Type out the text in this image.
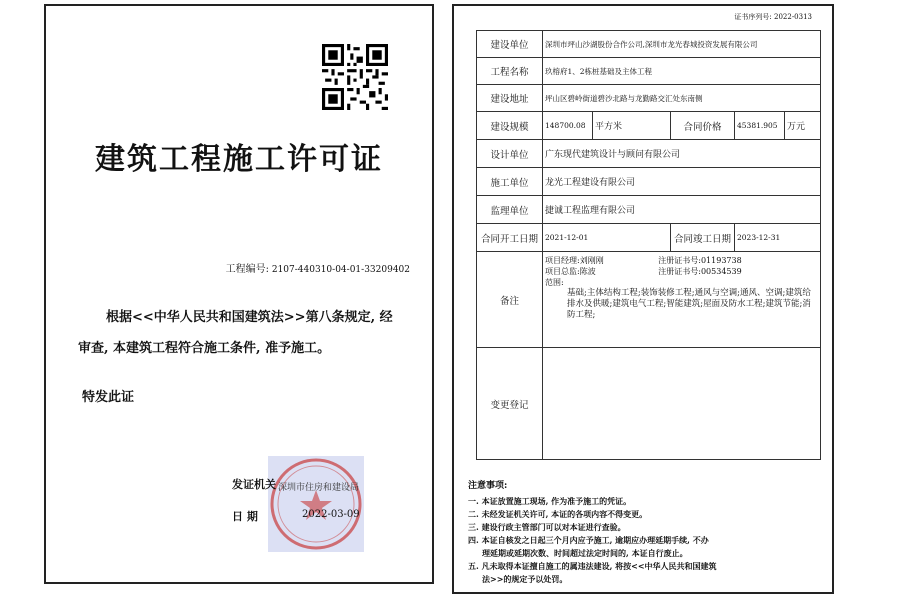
建筑工程施工许可证
工程编号: 2107-440310-04-01-33209402
根据<<中华人民共和国建筑法>>第八条规定, 经审查, 本建筑工程符合施工条件, 准予施工。
特发此证
发证机关 深圳市住房和建设局
日 期	2022-03-09
证书序列号: 2022-0313
建设单位	深圳市坪山沙湖股份合作公司,深圳市龙光春城投资发展有限公司				
工程名称	玖榕府1、2栋桩基础及主体工程				
建设地址	坪山区碧岭街道碧沙北路与龙勤路交汇处东南侧				
建设规模	148700.08	平方米	合同价格	45381.905	万元
设计单位	广东现代建筑设计与顾问有限公司				
施工单位	龙光工程建设有限公司				
监理单位	捷诚工程监理有限公司				
合同开工日期	2021-12-01		合同竣工日期	2023-12-31	
备注	项目经理:刘刚刚 注册证书号:01193738
项目总监:陈波 注册证书号:00534539
范围:
基础;主体结构工程;装饰装修工程;通风与空调;通风、空调;建筑给排水及供暖;建筑电气工程;智能建筑;屋面及防水工程;建筑节能;消防工程;				

变更登记					
注意事项:
一. 本证放置施工现场, 作为准予施工的凭证。
二. 未经发证机关许可, 本证的各项内容不得变更。
三. 建设行政主管部门可以对本证进行查验。
四. 本证自核发之日起三个月内应予施工, 逾期应办理延期手续, 不办
理延期或延期次数、时间超过法定时间的, 本证自行废止。
五. 凡未取得本证擅自施工的属违法建设, 将按<<中华人民共和国建筑
法>>的规定予以处罚。
